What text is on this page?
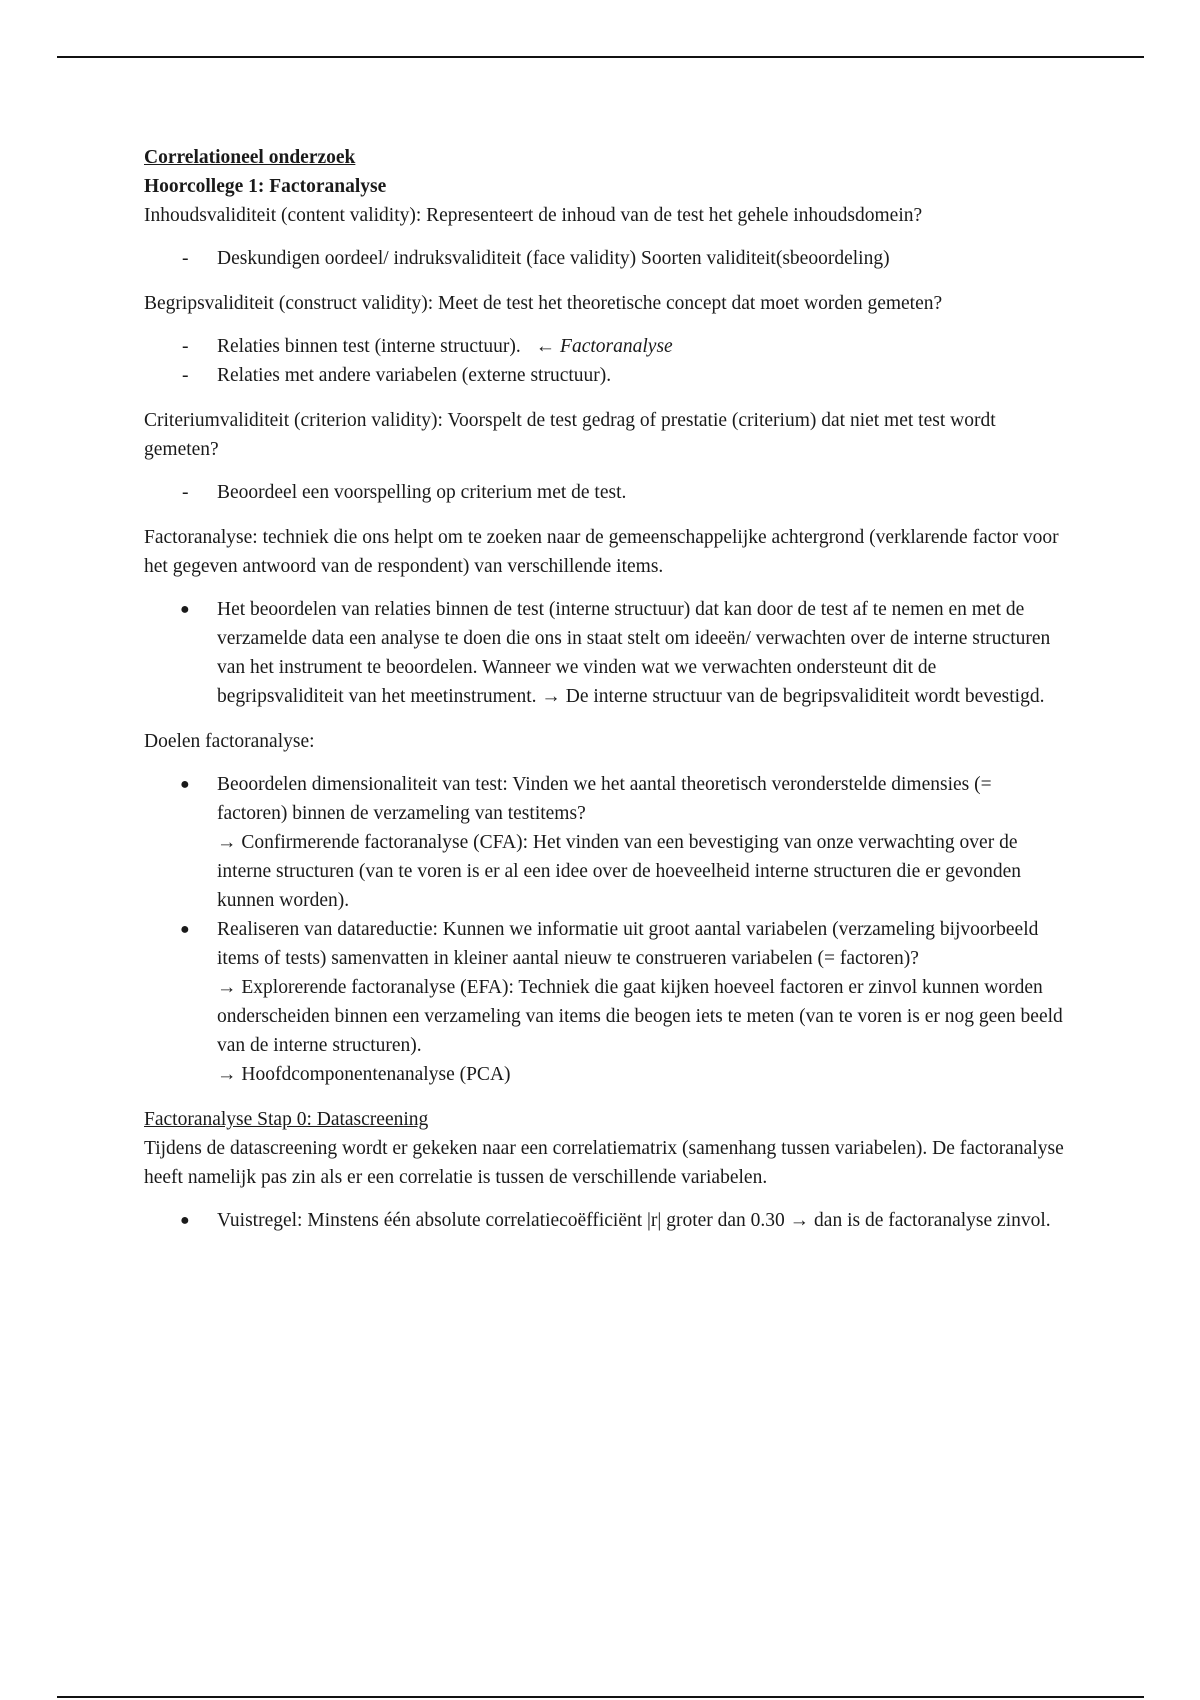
Correlationeel onderzoek

Hoorcollege 1: Factoranalyse

Inhoudsvaliditeit (content validity): Representeert de inhoud van de test het gehele inhoudsdomein?

- Deskundigen oordeel/ indruksvaliditeit (face validity) Soorten validiteit(sbeoordeling)

Begripsvaliditeit (construct validity): Meet de test het theoretische concept dat moet worden gemeten?

- Relaties binnen test (interne structuur). ← Factoranalyse
- Relaties met andere variabelen (externe structuur).

Criteriumvaliditeit (criterion validity): Voorspelt de test gedrag of prestatie (criterium) dat niet met test wordt gemeten?

- Beoordeel een voorspelling op criterium met de test.

Factoranalyse: techniek die ons helpt om te zoeken naar de gemeenschappelijke achtergrond (verklarende factor voor het gegeven antwoord van de respondent) van verschillende items.

● Het beoordelen van relaties binnen de test (interne structuur) dat kan door de test af te nemen en met de verzamelde data een analyse te doen die ons in staat stelt om ideeën/ verwachten over de interne structuren van het instrument te beoordelen. Wanneer we vinden wat we verwachten ondersteunt dit de begripsvaliditeit van het meetinstrument. → De interne structuur van de begripsvaliditeit wordt bevestigd.

Doelen factoranalyse:

● Beoordelen dimensionaliteit van test: Vinden we het aantal theoretisch veronderstelde dimensies (= factoren) binnen de verzameling van testitems?
→ Confirmerende factoranalyse (CFA): Het vinden van een bevestiging van onze verwachting over de interne structuren (van te voren is er al een idee over de hoeveelheid interne structuren die er gevonden kunnen worden).
● Realiseren van datareductie: Kunnen we informatie uit groot aantal variabelen (verzameling bijvoorbeeld items of tests) samenvatten in kleiner aantal nieuw te construeren variabelen (= factoren)?
→ Explorerende factoranalyse (EFA): Techniek die gaat kijken hoeveel factoren er zinvol kunnen worden onderscheiden binnen een verzameling van items die beogen iets te meten (van te voren is er nog geen beeld van de interne structuren).
→ Hoofdcomponentenanalyse (PCA)

Factoranalyse Stap 0: Datascreening

Tijdens de datascreening wordt er gekeken naar een correlatiematrix (samenhang tussen variabelen). De factoranalyse heeft namelijk pas zin als er een correlatie is tussen de verschillende variabelen.

● Vuistregel: Minstens één absolute correlatiecoëfficiënt |r| groter dan 0.30 → dan is de factoranalyse zinvol.
